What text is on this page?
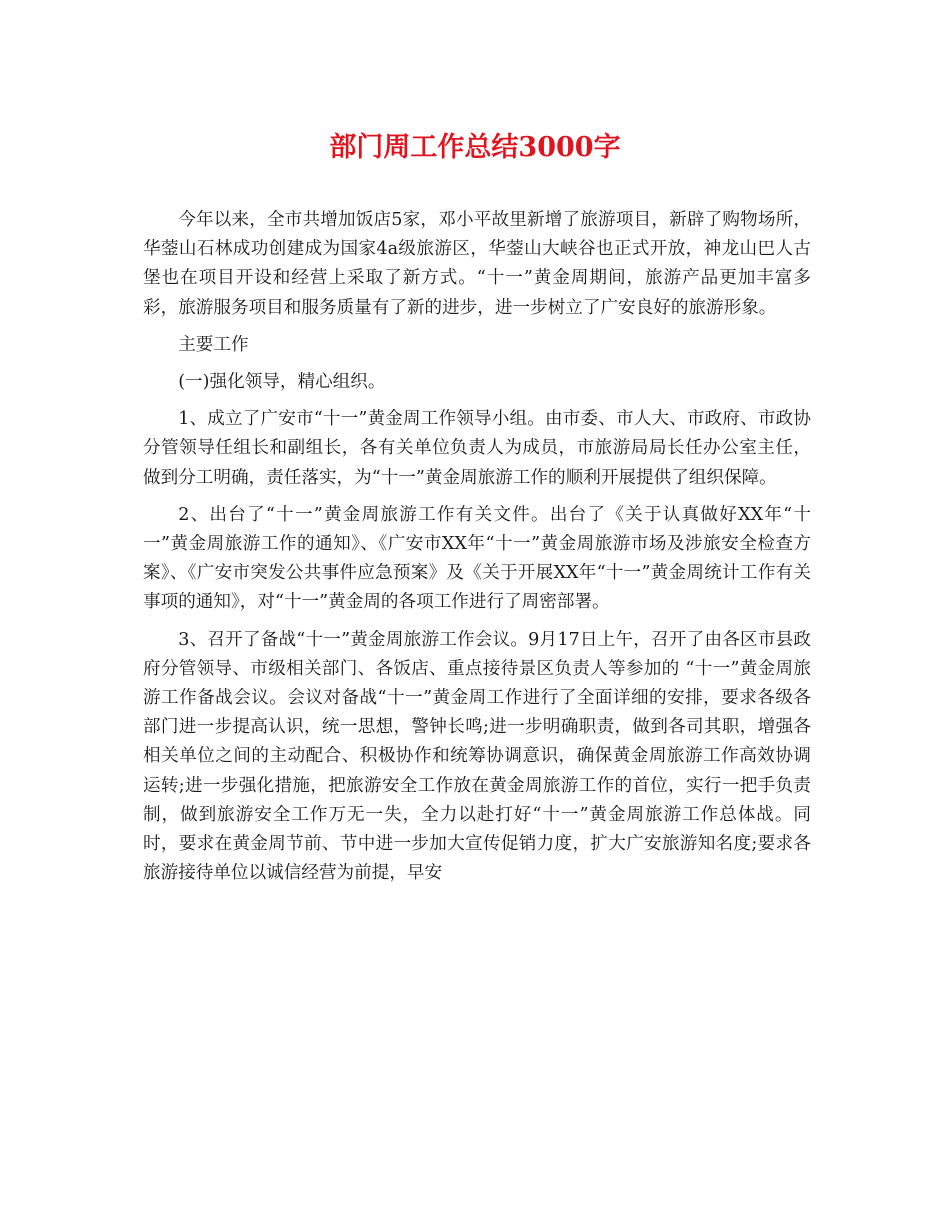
部门周工作总结3000字

今年以来，全市共增加饭店5家，邓小平故里新增了旅游项目，新辟了购物场所，华蓥山石林成功创建成为国家4a级旅游区，华蓥山大峡谷也正式开放，神龙山巴人古堡也在项目开设和经营上采取了新方式。“十一”黄金周期间，旅游产品更加丰富多彩，旅游服务项目和服务质量有了新的进步，进一步树立了广安良好的旅游形象。

主要工作

(一)强化领导，精心组织。

1、成立了广安市“十一”黄金周工作领导小组。由市委、市人大、市政府、市政协分管领导任组长和副组长，各有关单位负责人为成员，市旅游局局长任办公室主任，做到分工明确，责任落实，为“十一”黄金周旅游工作的顺利开展提供了组织保障。

2、出台了“十一”黄金周旅游工作有关文件。出台了《关于认真做好XX年“十一”黄金周旅游工作的通知》、《广安市XX年“十一”黄金周旅游市场及涉旅安全检查方案》、《广安市突发公共事件应急预案》及《关于开展XX年“十一”黄金周统计工作有关事项的通知》，对“十一”黄金周的各项工作进行了周密部署。

3、召开了备战“十一”黄金周旅游工作会议。9月17日上午，召开了由各区市县政府分管领导、市级相关部门、各饭店、重点接待景区负责人等参加的 “十一”黄金周旅游工作备战会议。会议对备战“十一”黄金周工作进行了全面详细的安排，要求各级各部门进一步提高认识，统一思想，警钟长鸣;进一步明确职责，做到各司其职，增强各相关单位之间的主动配合、积极协作和统筹协调意识，确保黄金周旅游工作高效协调运转;进一步强化措施，把旅游安全工作放在黄金周旅游工作的首位，实行一把手负责制，做到旅游安全工作万无一失，全力以赴打好“十一”黄金周旅游工作总体战。同时，要求在黄金周节前、节中进一步加大宣传促销力度，扩大广安旅游知名度;要求各旅游接待单位以诚信经营为前提，早安
